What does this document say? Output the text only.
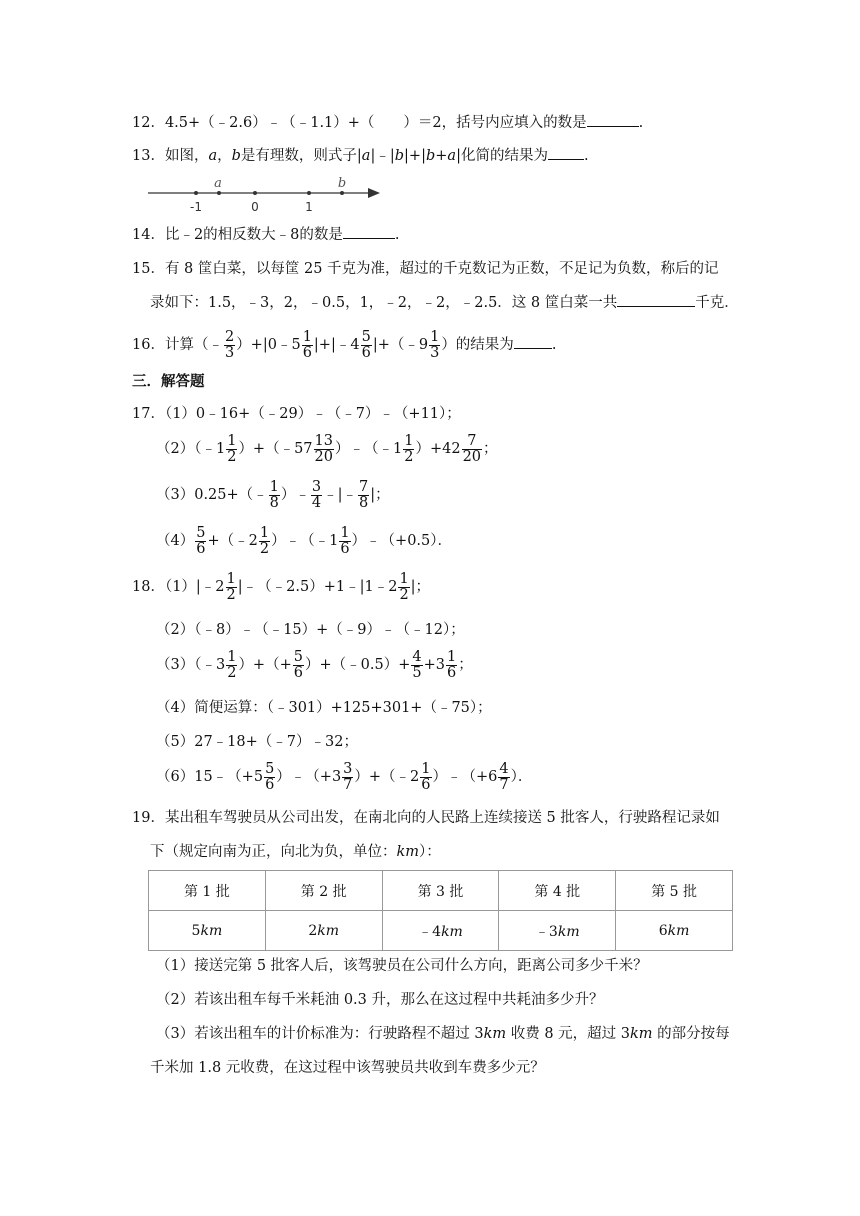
12．4.5+（﹣2.6）﹣（﹣1.1）+（　　）＝2，括号内应填入的数是	.
13．如图，a，b是有理数，则式子|a|﹣|b|+|b+a|化简的结果为 .
a	b
-1	0	1
14．比﹣2的相反数大﹣8的数是	.
15．有 8 筐白菜，以每筐 25 千克为准，超过的千克数记为正数，不足记为负数，称后的记
录如下：1.5，﹣3，2，﹣0.5，1，﹣2，﹣2，﹣2.5．这 8 筐白菜一共	千克．
16．计算（﹣ $\frac{2}{3}$ ）+|0﹣5 $\frac{1}{6}$ |+|﹣4 $\frac{5}{6}$ |+（﹣9 $\frac{1}{3}$ ）的结果为	.
三．解答题
17．（1）0﹣16+（﹣29）﹣（﹣7）﹣（+11）；
（2）（﹣1 $\frac{1}{2}$ ）+（﹣57 $\frac{13}{20}$ ）﹣（﹣1 $\frac{1}{2} )+42 \frac{7}{20}$ ；
（3）0.25+（﹣ $\frac{1}{8}$ ）﹣ $\frac{3}{4}$ ﹣|﹣ $\frac{7}{8}$ |；
$(4) \frac{5}{6}$ +（﹣2 $\frac{1}{2}$ ）﹣（﹣1 $\frac{1}{6}$ ）﹣（+0.5）．
18．（1）|﹣2 $\frac{1}{2}$ |﹣（﹣2.5）+1﹣|1﹣2 $\frac{1}{2}$ |；
（2）（﹣8）﹣（﹣15）+（﹣9）﹣（﹣12）；
（3）（﹣3 $\frac{1}{2}$ ）+（+ $\frac{5}{6}$ ）+（﹣0.5）+ $\frac{4}{5} +3 \frac{1}{6}$ ；
（4）简便运算：（﹣301）+125+301+（﹣75）；
（5）27﹣18+（﹣7）﹣32；
（6）15﹣（+5 $\frac{5}{6}$ ）﹣（+3 $\frac{3}{7}$ ）+（﹣2 $\frac{1}{6}$ ）﹣（+6 $\frac{4}{7}$ ）．
19．某出租车驾驶员从公司出发，在南北向的人民路上连续接送 5 批客人，行驶路程记录如
下（规定向南为正，向北为负，单位：km）：
第 1 批	第 2 批	第 3 批	第 4 批	第 5 批
5km	2km	﹣4km	﹣3km	6km
（1）接送完第 5 批客人后，该驾驶员在公司什么方向，距离公司多少千米？
（2）若该出租车每千米耗油 0.3 升，那么在这过程中共耗油多少升？
（3）若该出租车的计价标准为：行驶路程不超过 3km 收费 8 元，超过 3km 的部分按每
千米加 1.8 元收费，在这过程中该驾驶员共收到车费多少元？
